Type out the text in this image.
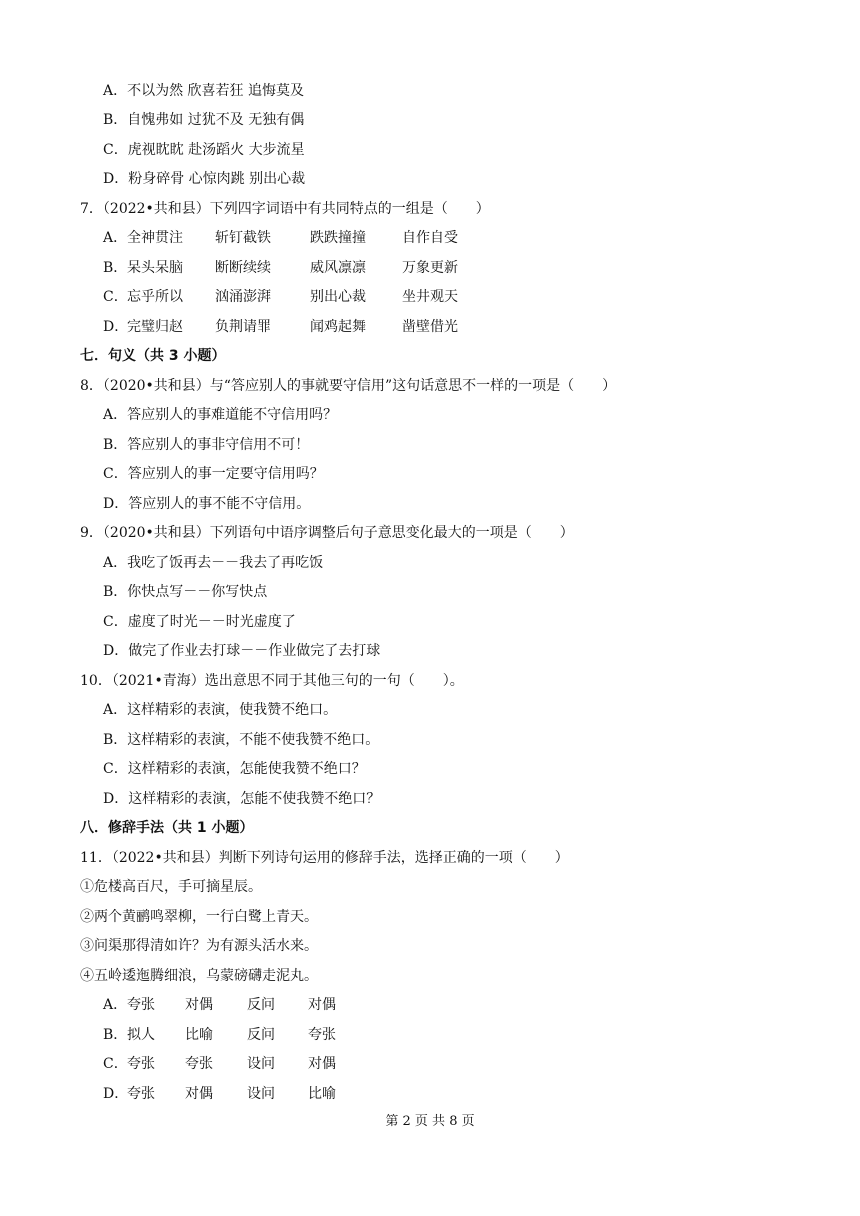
A．不以为然 欣喜若狂 追悔莫及
B．自愧弗如 过犹不及 无独有偶
C．虎视眈眈 赴汤蹈火 大步流星
D．粉身碎骨 心惊肉跳 别出心裁
7．（2022•共和县）下列四字词语中有共同特点的一组是（　　）
A．全神贯注 斩钉截铁	跌跌撞撞	自作自受
B．呆头呆脑 断断续续	威风凛凛	万象更新
C．忘乎所以 汹涌澎湃	别出心裁	坐井观天
D．完璧归赵 负荆请罪	闻鸡起舞	凿壁借光
七．句义（共 3 小题）
8．（2020•共和县）与“答应别人的事就要守信用”这句话意思不一样的一项是（　　）
A．答应别人的事难道能不守信用吗？
B．答应别人的事非守信用不可！
C．答应别人的事一定要守信用吗？
D．答应别人的事不能不守信用。
9．（2020•共和县）下列语句中语序调整后句子意思变化最大的一项是（　　）
A．我吃了饭再去－－我去了再吃饭
B．你快点写－－你写快点
C．虚度了时光－－时光虚度了
D．做完了作业去打球－－作业做完了去打球
10．（2021•青海）选出意思不同于其他三句的一句（　　）。
A．这样精彩的表演，使我赞不绝口。
B．这样精彩的表演，不能不使我赞不绝口。
C．这样精彩的表演，怎能使我赞不绝口？
D．这样精彩的表演，怎能不使我赞不绝口？
八．修辞手法（共 1 小题）
11．（2022•共和县）判断下列诗句运用的修辞手法，选择正确的一项（　　）
①危楼高百尺，手可摘星辰。
②两个黄鹂鸣翠柳，一行白鹭上青天。
③问渠那得清如许？为有源头活水来。
④五岭逶迤腾细浪，乌蒙磅礴走泥丸。
A．夸张 对偶 反问 对偶
B．拟人 比喻 反问 夸张
C．夸张 夸张 设问 对偶
D．夸张 对偶 设问 比喻
第 2 页 共 8 页
